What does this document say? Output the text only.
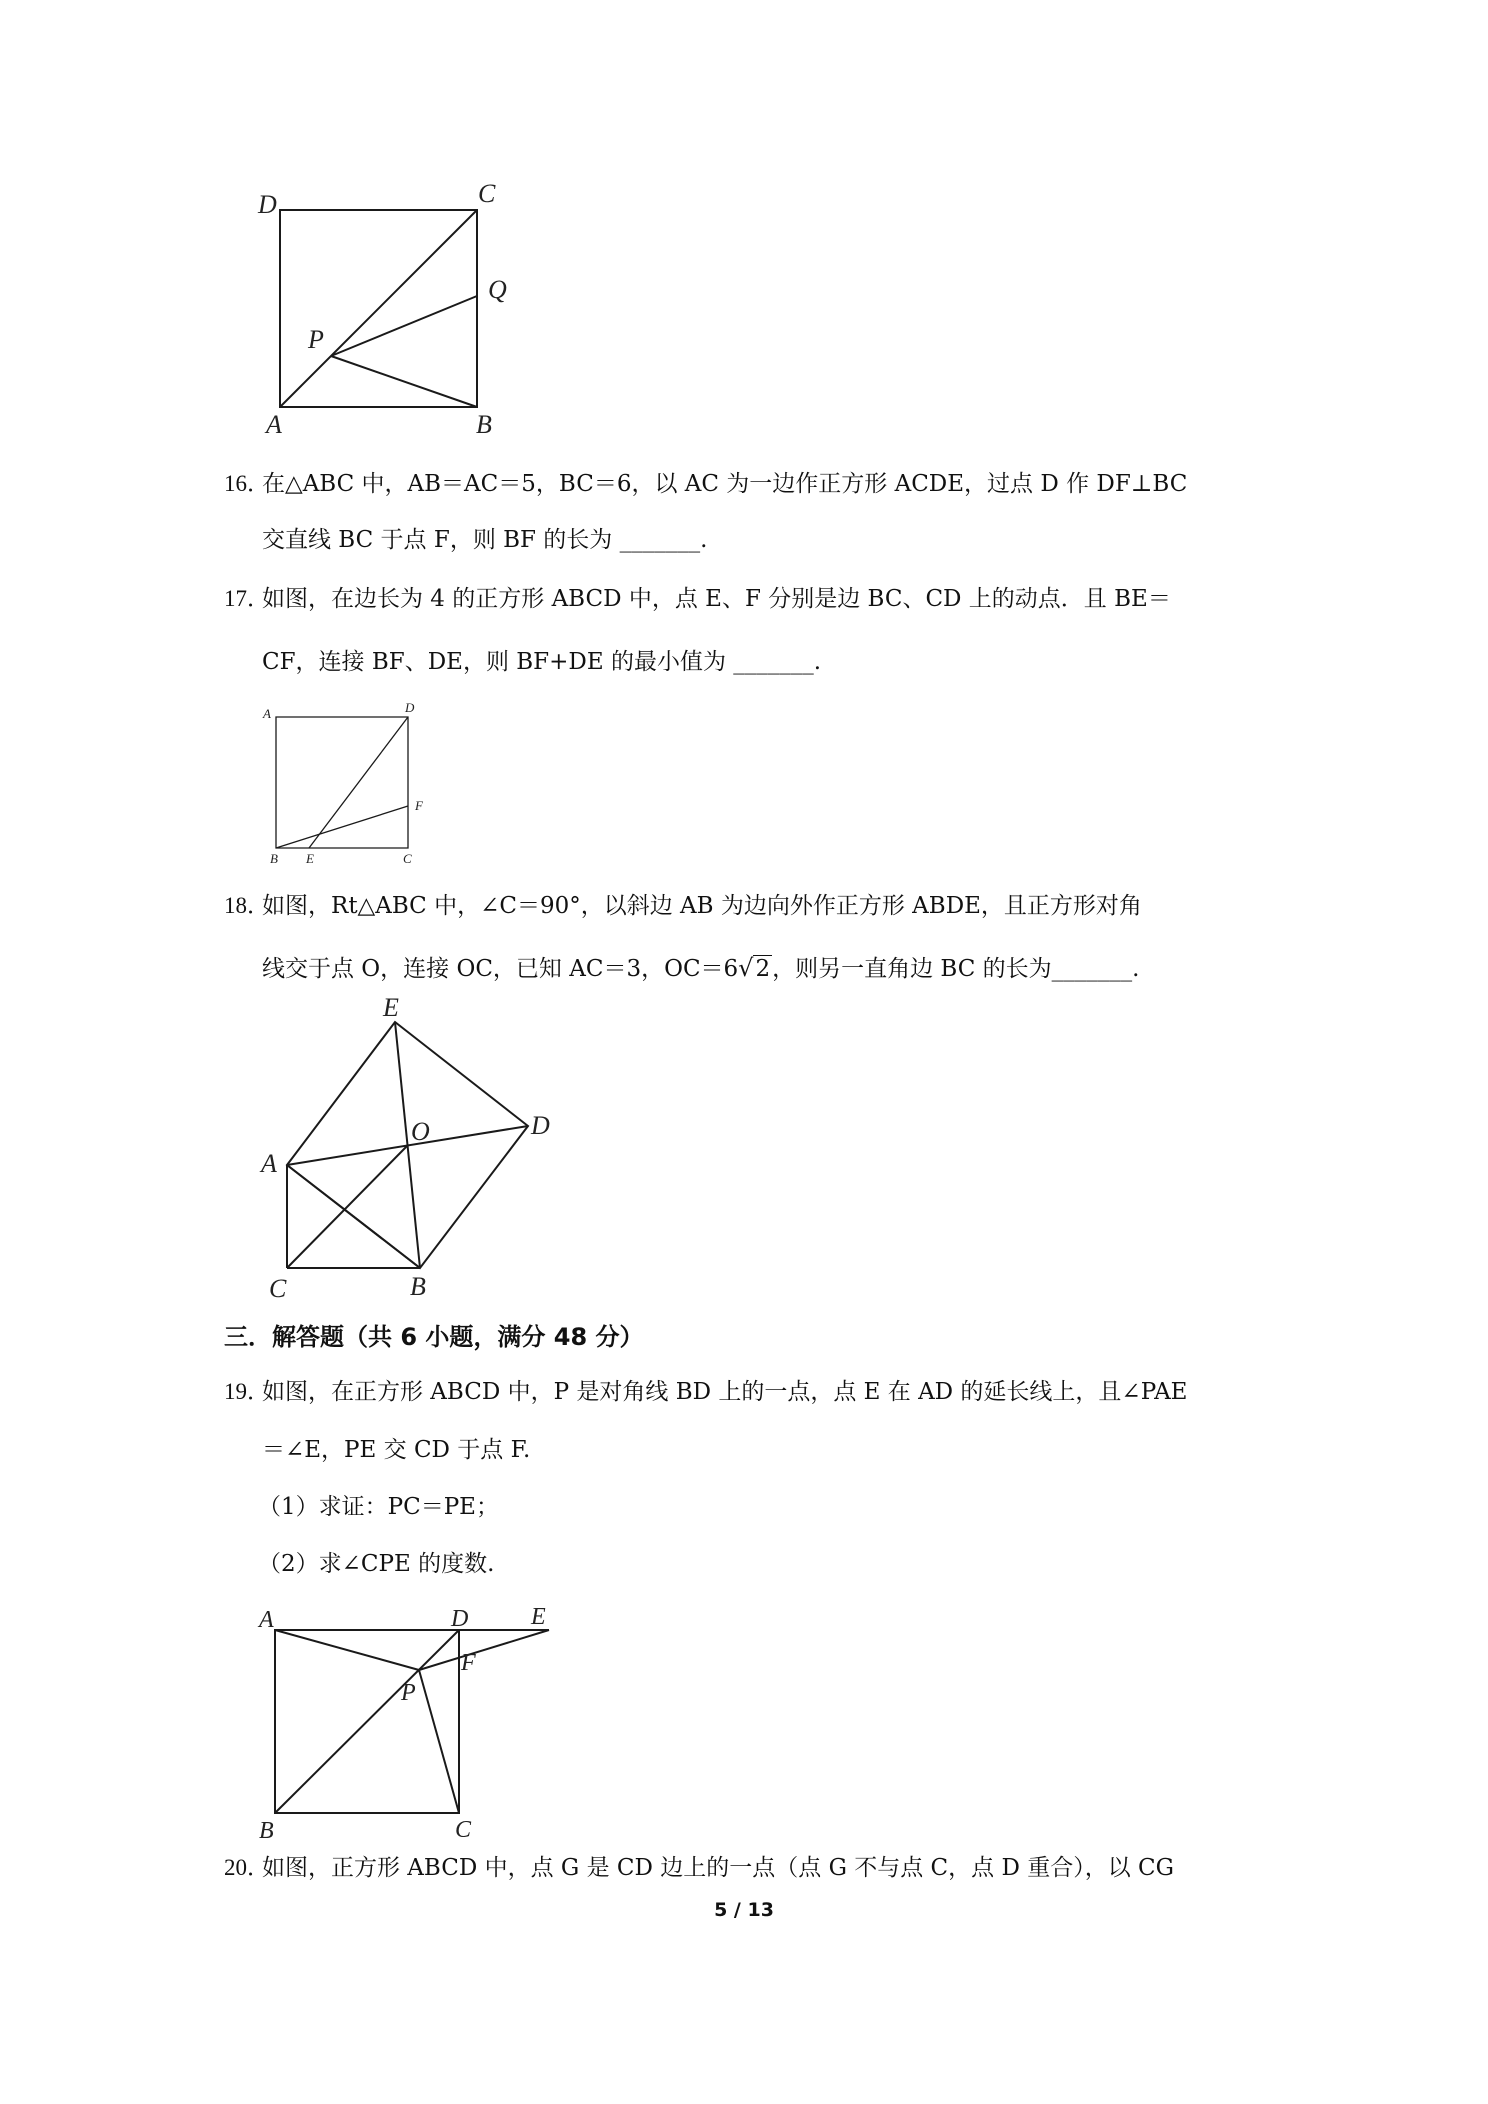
D	C
Q
P
A	B
16．
在△ABC 中，AB＝AC＝5，BC＝6，以 AC 为一边作正方形 ACDE，过点 D 作 DF⊥BC
交直线 BC 于点 F，则 BF 的长为 _______.
17．
如图，在边长为 4 的正方形 ABCD 中，点 E、F 分别是边 BC、CD 上的动点．且 BE＝
CF，连接 BF、DE，则 BF+DE 的最小值为 _______.
A	D
F
B E	C
18．
如图，Rt△ABC 中，∠C＝90°，以斜边 AB 为边向外作正方形 ABDE，且正方形对角
线交于点 O，连接 OC，已知 AC＝3，OC＝6√2，则另一直角边 BC 的长为_______.
E
O	D
A
C	B
三．解答题（共 6 小题，满分 48 分）
19．
如图，在正方形 ABCD 中，P 是对角线 BD 上的一点，点 E 在 AD 的延长线上，且∠PAE
＝∠E，PE 交 CD 于点 F.
（1）求证：PC＝PE；
（2）求∠CPE 的度数.
A	D	E
F
P
B	C
20．
如图，正方形 ABCD 中，点 G 是 CD 边上的一点（点 G 不与点 C，点 D 重合），以 CG
5 / 13
